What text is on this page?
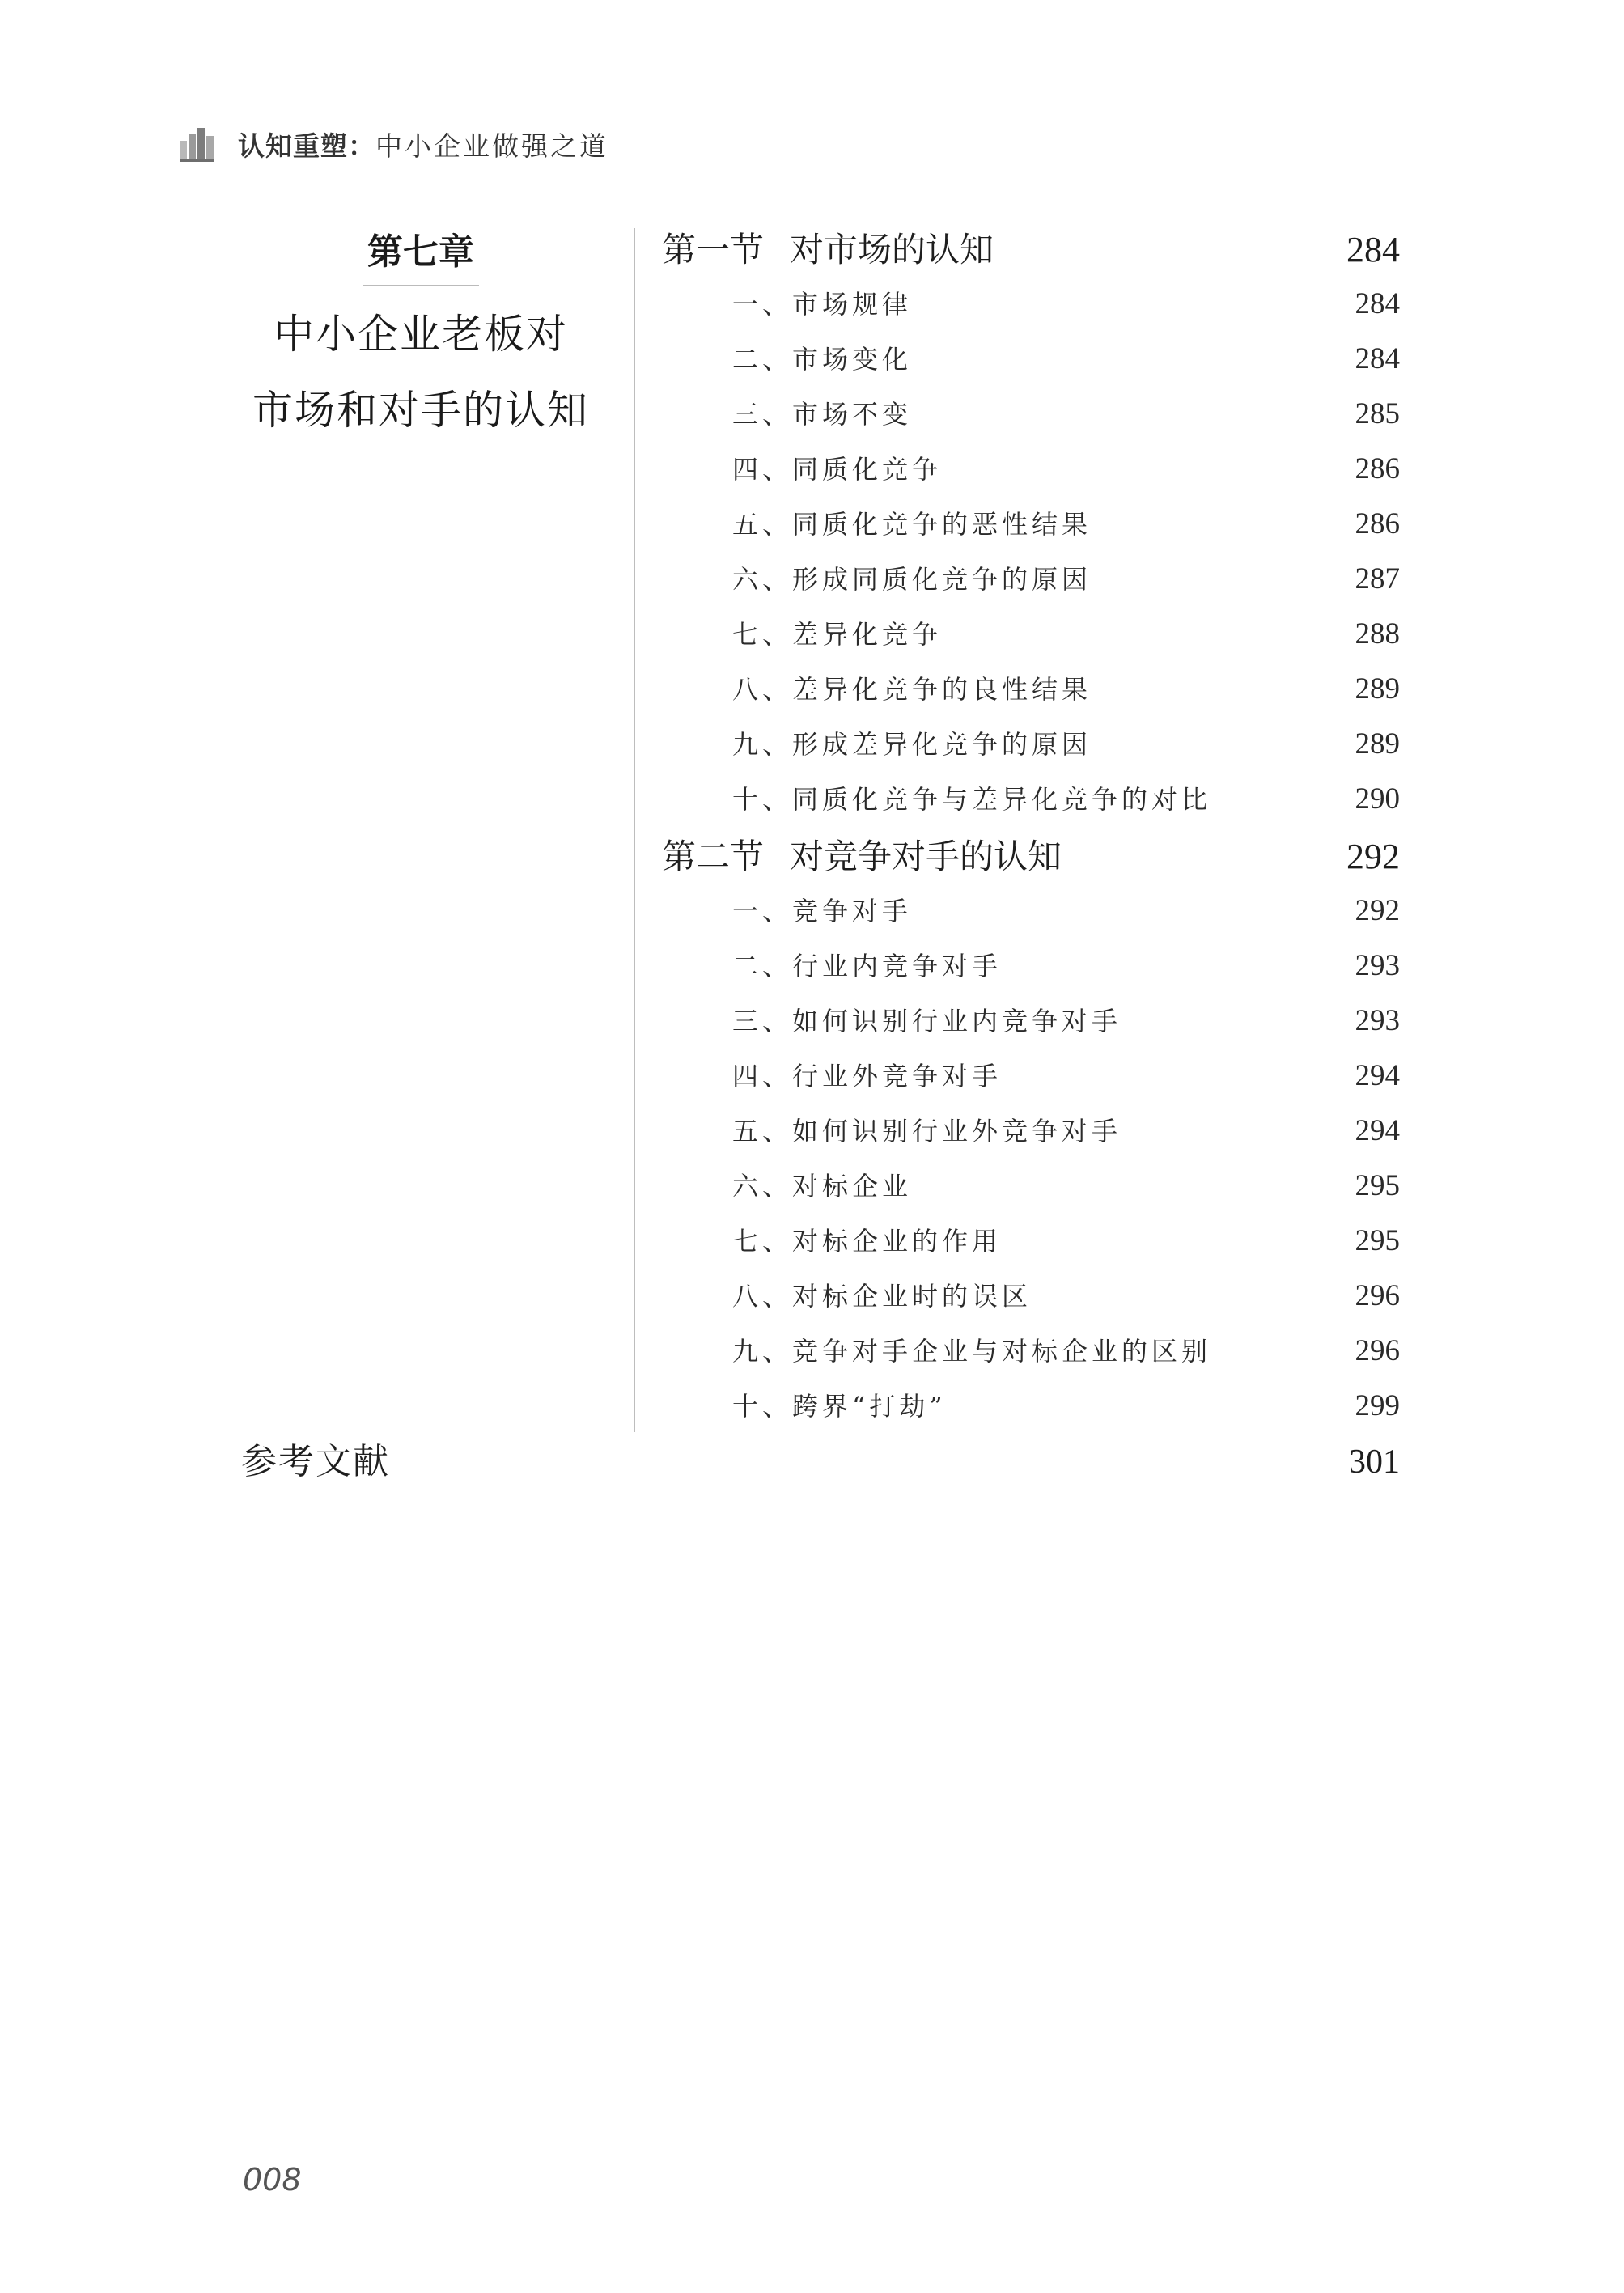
认知重塑： 中小企业做强之道
第七章
中小企业老板对
市场和对手的认知
第一节 对市场的认知	284
一、市场规律	284
二、市场变化	284
三、市场不变	285
四、同质化竞争	286
五、同质化竞争的恶性结果	286
六、形成同质化竞争的原因	287
七、差异化竞争	288
八、差异化竞争的良性结果	289
九、形成差异化竞争的原因	289
十、同质化竞争与差异化竞争的对比	290
第二节 对竞争对手的认知	292
一、竞争对手	292
二、行业内竞争对手	293
三、如何识别行业内竞争对手	293
四、行业外竞争对手	294
五、如何识别行业外竞争对手	294
六、对标企业	295
七、对标企业的作用	295
八、对标企业时的误区	296
九、竞争对手企业与对标企业的区别	296
十、跨界“打劫”	299
参考文献	301
008
